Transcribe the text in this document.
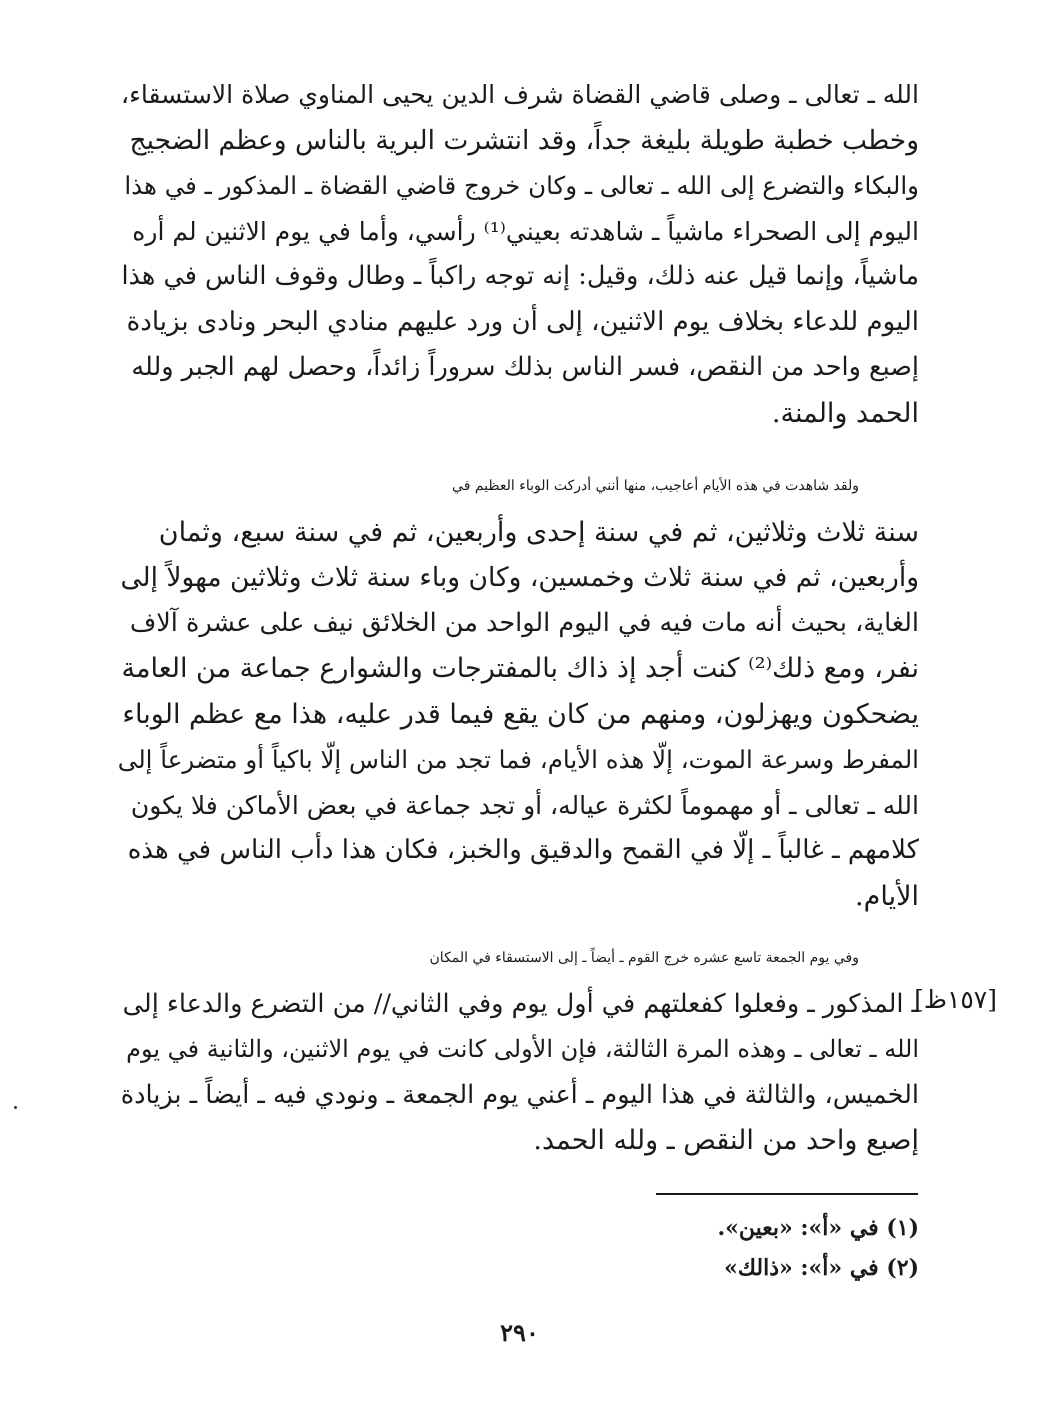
الله ـ تعالى ـ وصلى قاضي القضاة شرف الدين يحيى المناوي صلاة الاستسقاء،
وخطب خطبة طويلة بليغة جداً، وقد انتشرت البرية بالناس وعظم الضجيج
والبكاء والتضرع إلى الله ـ تعالى ـ وكان خروج قاضي القضاة ـ المذكور ـ في هذا
اليوم إلى الصحراء ماشياً ـ شاهدته بعيني⁽¹⁾ رأسي، وأما في يوم الاثنين لم أره
ماشياً، وإنما قيل عنه ذلك، وقيل: إنه توجه راكباً ـ وطال وقوف الناس في هذا
اليوم للدعاء بخلاف يوم الاثنين، إلى أن ورد عليهم منادي البحر ونادى بزيادة
إصبع واحد من النقص، فسر الناس بذلك سروراً زائداً، وحصل لهم الجبر ولله
الحمد والمنة.
ولقد شاهدت في هذه الأيام أعاجيب، منها أنني أدركت الوباء العظيم في
سنة ثلاث وثلاثين، ثم في سنة إحدى وأربعين، ثم في سنة سبع، وثمان
وأربعين، ثم في سنة ثلاث وخمسين، وكان وباء سنة ثلاث وثلاثين مهولاً إلى
الغاية، بحيث أنه مات فيه في اليوم الواحد من الخلائق نيف على عشرة آلاف
نفر، ومع ذلك⁽²⁾ كنت أجد إذ ذاك بالمفترجات والشوارع جماعة من العامة
يضحكون ويهزلون، ومنهم من كان يقع فيما قدر عليه، هذا مع عظم الوباء
المفرط وسرعة الموت، إلّا هذه الأيام، فما تجد من الناس إلّا باكياً أو متضرعاً إلى
الله ـ تعالى ـ أو مهموماً لكثرة عياله، أو تجد جماعة في بعض الأماكن فلا يكون
كلامهم ـ غالباً ـ إلّا في القمح والدقيق والخبز، فكان هذا دأب الناس في هذه
الأيام.
وفي يوم الجمعة تاسع عشره خرج القوم ـ أيضاً ـ إلى الاستسقاء في المكان
ـ المذكور ـ وفعلوا كفعلتهم في أول يوم وفي الثاني// من التضرع والدعاء إلى
الله ـ تعالى ـ وهذه المرة الثالثة، فإن الأولى كانت في يوم الاثنين، والثانية في يوم
الخميس، والثالثة في هذا اليوم ـ أعني يوم الجمعة ـ ونودي فيه ـ أيضاً ـ بزيادة
إصبع واحد من النقص ـ ولله الحمد.
[١٥٧ظ]
(١) في «أ»: «بعين».
(٢) في «أ»: «ذالك»
٢٩٠
